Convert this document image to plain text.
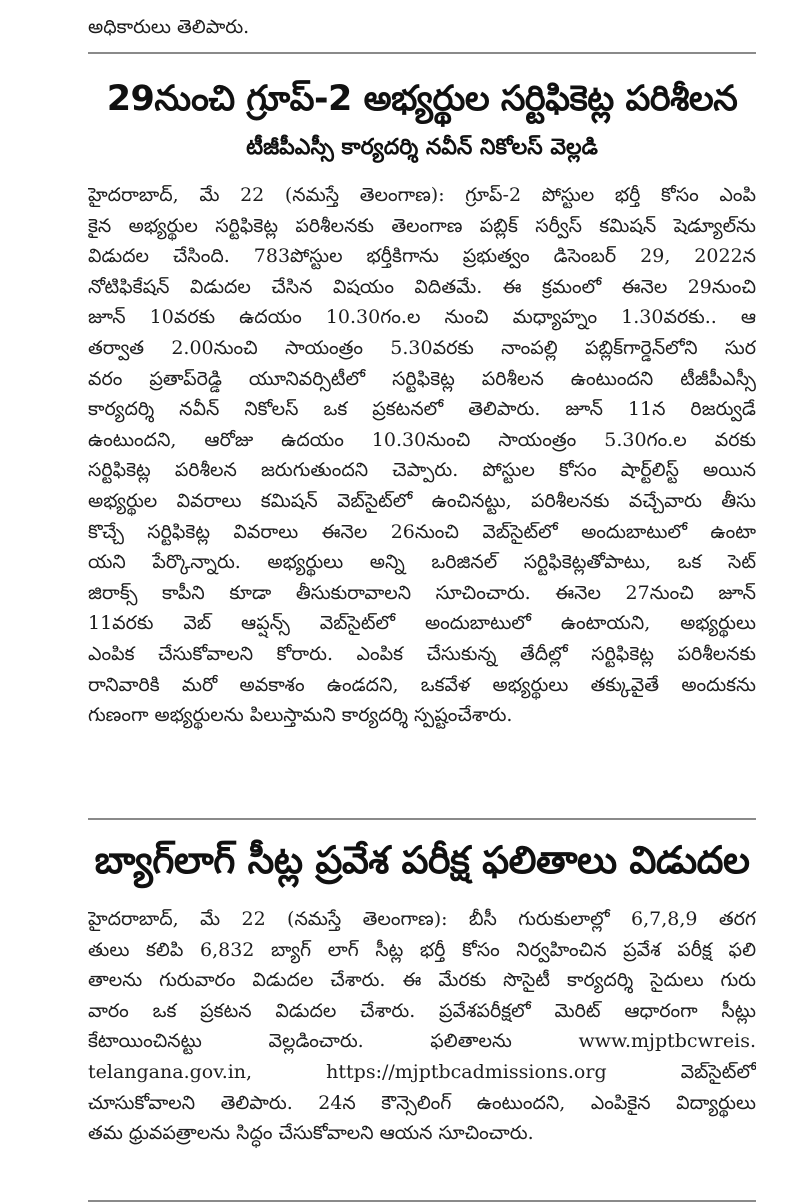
అధికారులు తెలిపారు.
29నుంచి గ్రూప్‌-2 అభ్యర్థుల సర్టిఫికెట్ల పరిశీలన
టీజీపీఎస్సీ కార్యదర్శి నవీన్‌ నికోలస్‌ వెల్లడి
హైదరాబాద్‌, మే 22 (నమస్తే తెలంగాణ): గ్రూప్‌-2 పోస్టుల భర్తీ కోసం ఎంపి
కైన అభ్యర్థుల సర్టిఫికెట్ల పరిశీలనకు తెలంగాణ పబ్లిక్‌ సర్వీస్‌ కమిషన్‌ షెడ్యూల్‌ను
విడుదల చేసింది. 783పోస్టుల భర్తీకిగాను ప్రభుత్వం డిసెంబర్‌ 29, 2022న
నోటిఫికేషన్‌ విడుదల చేసిన విషయం విదితమే. ఈ క్రమంలో ఈనెల 29నుంచి
జూన్‌ 10వరకు ఉదయం 10.30గం.ల నుంచి మధ్యాహ్నం 1.30వరకు.. ఆ
తర్వాత 2.00నుంచి సాయంత్రం 5.30వరకు నాంపల్లి పబ్లిక్‌గార్డెన్‌లోని సుర
వరం ప్రతాప్‌రెడ్డి యూనివర్సిటీలో సర్టిఫికెట్ల పరిశీలన ఉంటుందని టీజీపీఎస్సీ
కార్యదర్శి నవీన్‌ నికోలస్‌ ఒక ప్రకటనలో తెలిపారు. జూన్‌ 11న రిజర్వుడే
ఉంటుందని, ఆరోజు ఉదయం 10.30నుంచి సాయంత్రం 5.30గం.ల వరకు
సర్టిఫికెట్ల పరిశీలన జరుగుతుందని చెప్పారు. పోస్టుల కోసం షార్ట్‌లిస్ట్‌ అయిన
అభ్యర్థుల వివరాలు కమిషన్‌ వెబ్‌సైట్‌లో ఉంచినట్టు, పరిశీలనకు వచ్చేవారు తీసు
కొచ్చే సర్టిఫికెట్ల వివరాలు ఈనెల 26నుంచి వెబ్‌సైట్‌లో అందుబాటులో ఉంటా
యని పేర్కొన్నారు. అభ్యర్థులు అన్ని ఒరిజినల్‌ సర్టిఫికెట్లతోపాటు, ఒక సెట్‌
జిరాక్స్‌ కాపీని కూడా తీసుకురావాలని సూచించారు. ఈనెల 27నుంచి జూన్‌
11వరకు వెబ్‌ ఆప్షన్స్‌ వెబ్‌సైట్‌లో అందుబాటులో ఉంటాయని, అభ్యర్థులు
ఎంపిక చేసుకోవాలని కోరారు. ఎంపిక చేసుకున్న తేదీల్లో సర్టిఫికెట్ల పరిశీలనకు
రానివారికి మరో అవకాశం ఉండదని, ఒకవేళ అభ్యర్థులు తక్కువైతే అందుకను
గుణంగా అభ్యర్థులను పిలుస్తామని కార్యదర్శి స్పష్టంచేశారు.
బ్యాగ్‌లాగ్‌ సీట్ల ప్రవేశ పరీక్ష ఫలితాలు విడుదల
హైదరాబాద్‌, మే 22 (నమస్తే తెలంగాణ): బీసీ గురుకులాల్లో 6,7,8,9 తరగ
తులు కలిపి 6,832 బ్యాగ్‌ లాగ్‌ సీట్ల భర్తీ కోసం నిర్వహించిన ప్రవేశ పరీక్ష ఫలి
తాలను గురువారం విడుదల చేశారు. ఈ మేరకు సొసైటీ కార్యదర్శి సైదులు గురు
వారం ఒక ప్రకటన విడుదల చేశారు. ప్రవేశపరీక్షలో మెరిట్‌ ఆధారంగా సీట్లు
కేటాయించినట్టు వెల్లడించారు. ఫలితాలను www.mjptbcwreis.
telangana.gov.in, https://mjptbcadmissions.org వెబ్‌సైట్‌లో
చూసుకోవాలని తెలిపారు. 24న కౌన్సెలింగ్‌ ఉంటుందని, ఎంపికైన విద్యార్థులు
తమ ధ్రువపత్రాలను సిద్ధం చేసుకోవాలని ఆయన సూచించారు.
